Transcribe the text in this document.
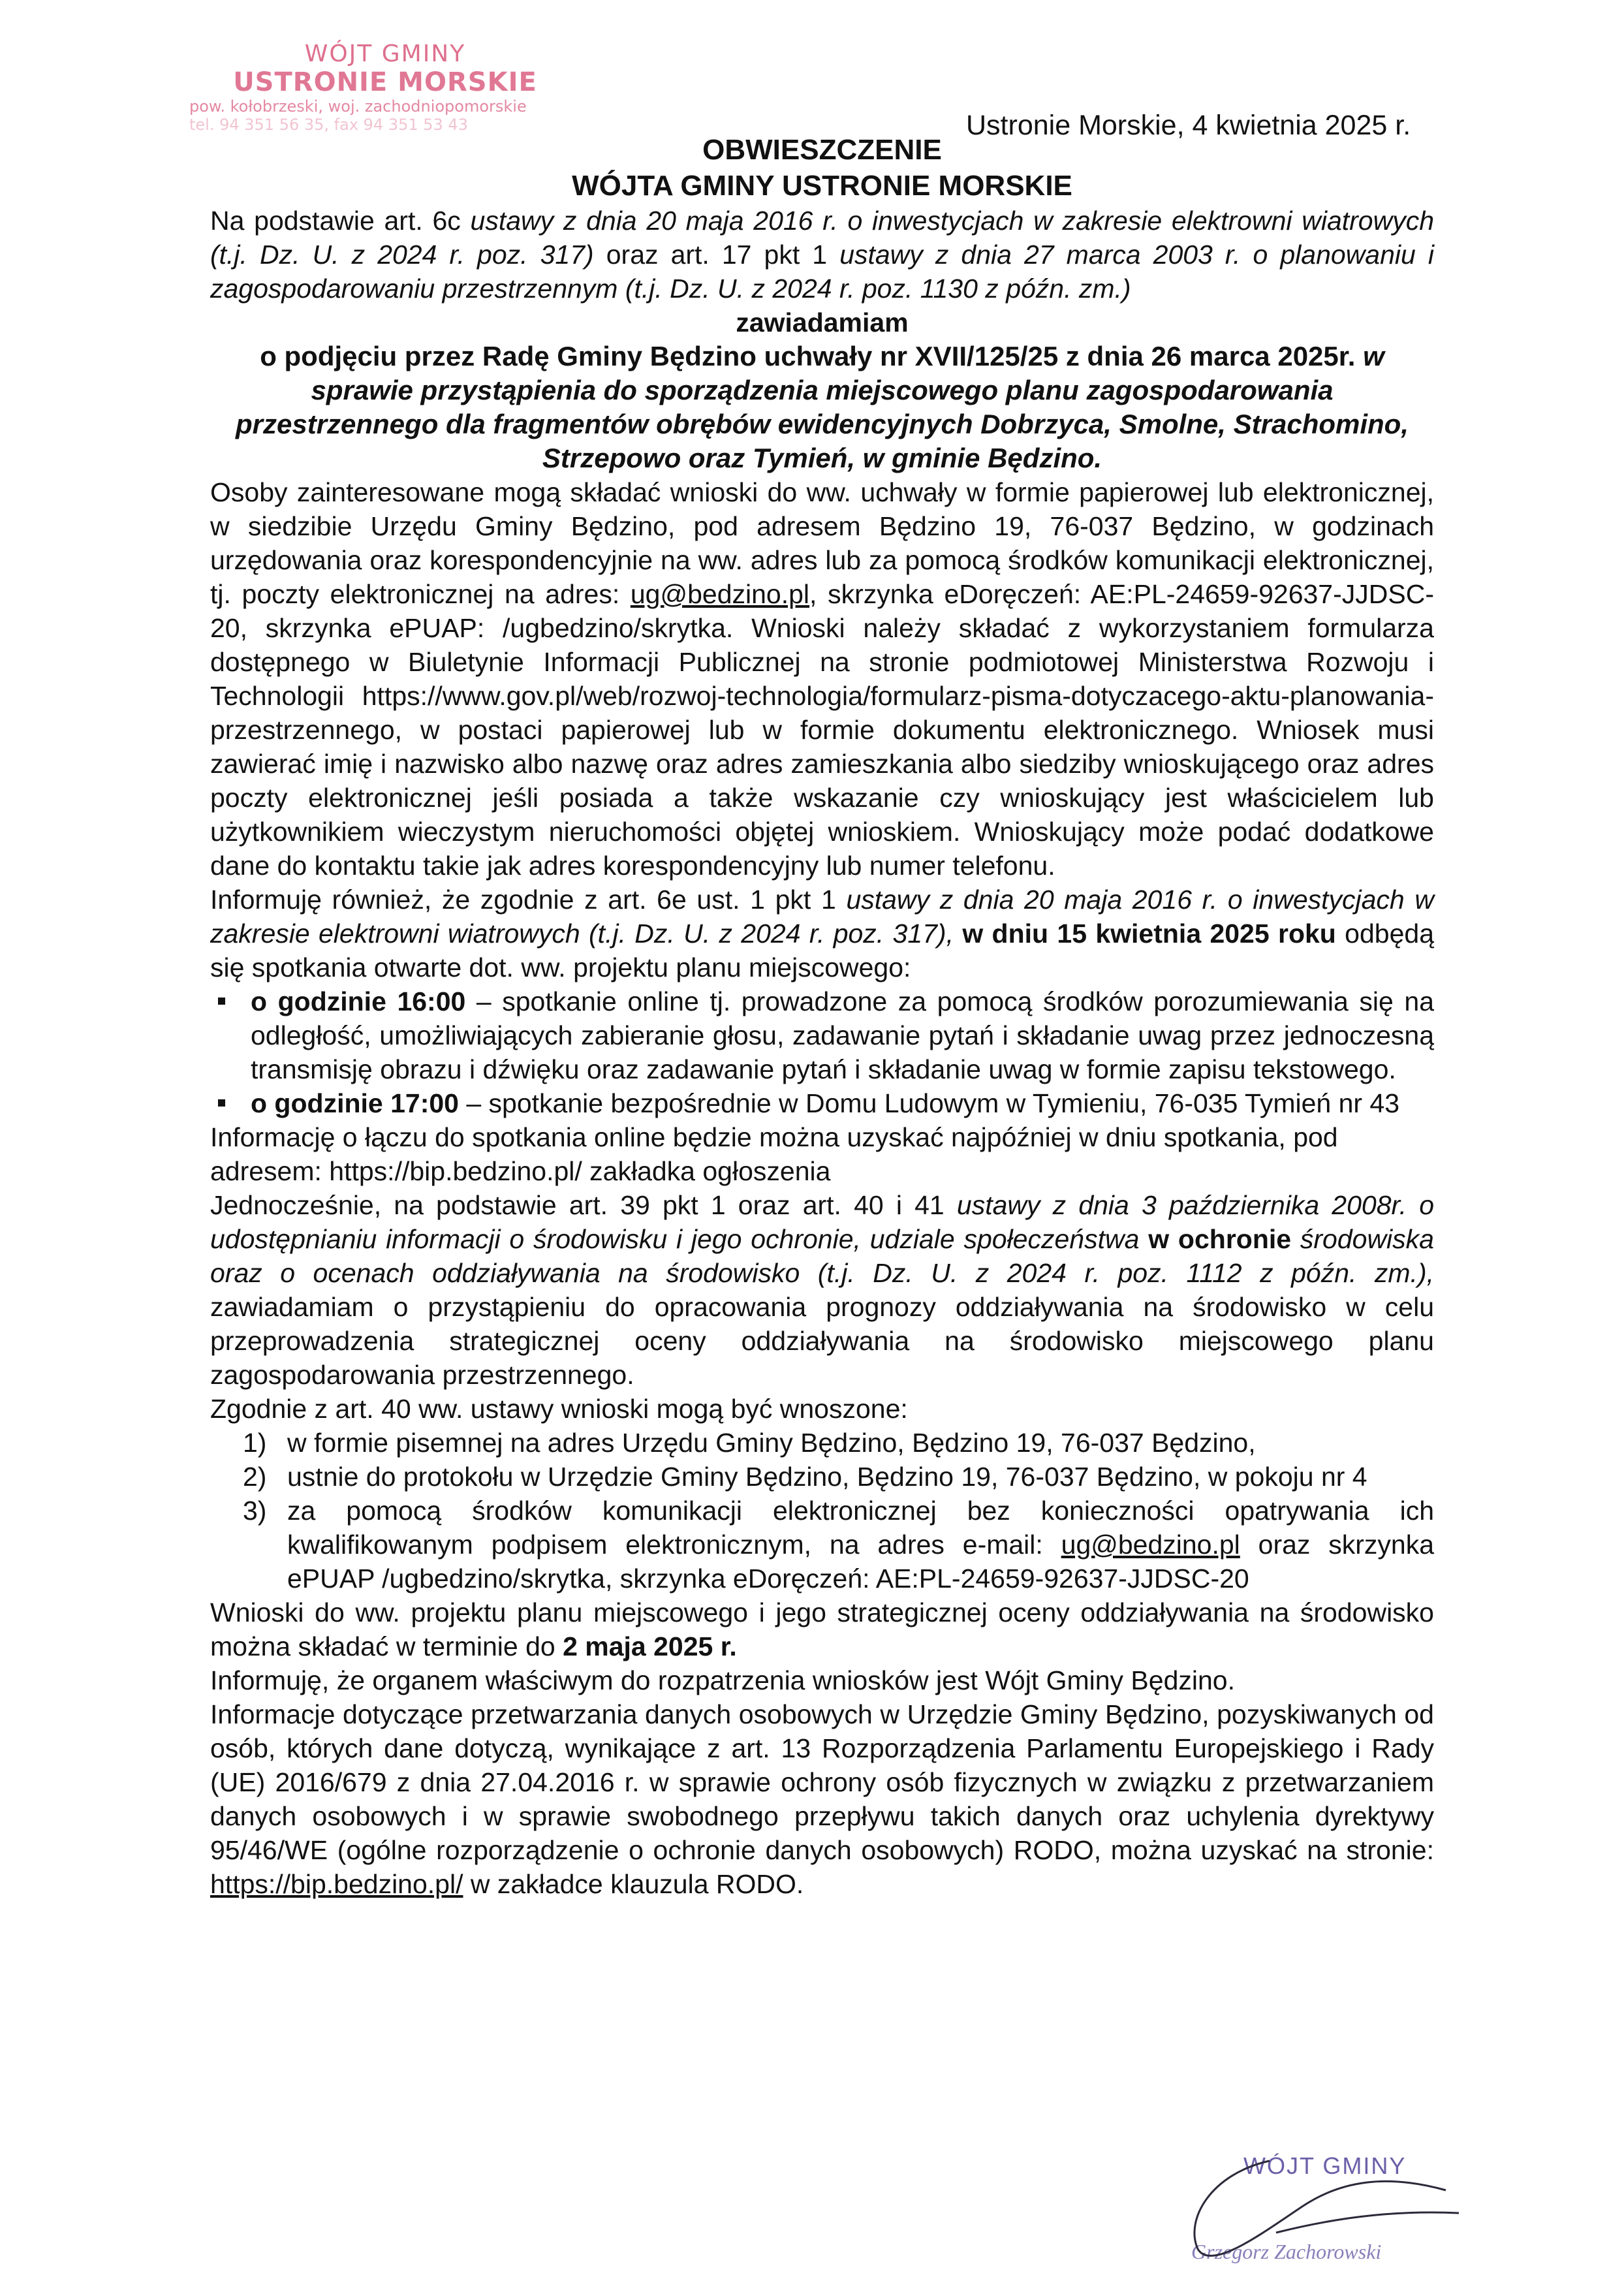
WÓJT GMINY
USTRONIE MORSKIE
pow. kołobrzeski, woj. zachodniopomorskie
tel. 94 351 56 35, fax 94 351 53 43	Ustronie Morskie, 4 kwietnia 2025 r.
OBWIESZCZENIE
WÓJTA GMINY USTRONIE MORSKIE

Na podstawie art. 6c ustawy z dnia 20 maja 2016 r. o inwestycjach w zakresie elektrowni wiatrowych (t.j. Dz. U. z 2024 r. poz. 317) oraz art. 17 pkt 1 ustawy z dnia 27 marca 2003 r. o planowaniu i zagospodarowaniu przestrzennym (t.j. Dz. U. z 2024 r. poz. 1130 z późn. zm.)

zawiadamiam

o podjęciu przez Radę Gminy Będzino uchwały nr XVII/125/25 z dnia 26 marca 2025r. w sprawie przystąpienia do sporządzenia miejscowego planu zagospodarowania przestrzennego dla fragmentów obrębów ewidencyjnych Dobrzyca, Smolne, Strachomino, Strzepowo oraz Tymień, w gminie Będzino.

Osoby zainteresowane mogą składać wnioski do ww. uchwały w formie papierowej lub elektronicznej, w siedzibie Urzędu Gminy Będzino, pod adresem Będzino 19, 76-037 Będzino, w godzinach urzędowania oraz korespondencyjnie na ww. adres lub za pomocą środków komunikacji elektronicznej, tj. poczty elektronicznej na adres: ug@bedzino.pl, skrzynka eDoręczeń: AE:PL-24659-92637-JJDSC-20, skrzynka ePUAP: /ugbedzino/skrytka. Wnioski należy składać z wykorzystaniem formularza dostępnego w Biuletynie Informacji Publicznej na stronie podmiotowej Ministerstwa Rozwoju i Technologii https://www.gov.pl/web/rozwoj-technologia/formularz-pisma-dotyczacego-aktu-planowania-przestrzennego, w postaci papierowej lub w formie dokumentu elektronicznego. Wniosek musi zawierać imię i nazwisko albo nazwę oraz adres zamieszkania albo siedziby wnioskującego oraz adres poczty elektronicznej jeśli posiada a także wskazanie czy wnioskujący jest właścicielem lub użytkownikiem wieczystym nieruchomości objętej wnioskiem. Wnioskujący może podać dodatkowe dane do kontaktu takie jak adres korespondencyjny lub numer telefonu.

Informuję również, że zgodnie z art. 6e ust. 1 pkt 1 ustawy z dnia 20 maja 2016 r. o inwestycjach w zakresie elektrowni wiatrowych (t.j. Dz. U. z 2024 r. poz. 317), w dniu 15 kwietnia 2025 roku odbędą się spotkania otwarte dot. ww. projektu planu miejscowego:

o godzinie 16:00 – spotkanie online tj. prowadzone za pomocą środków porozumiewania się na odległość, umożliwiających zabieranie głosu, zadawanie pytań i składanie uwag przez jednoczesną transmisję obrazu i dźwięku oraz zadawanie pytań i składanie uwag w formie zapisu tekstowego.
o godzinie 17:00 – spotkanie bezpośrednie w Domu Ludowym w Tymieniu, 76-035 Tymień nr 43

Informację o łączu do spotkania online będzie można uzyskać najpóźniej w dniu spotkania, pod adresem: https://bip.bedzino.pl/ zakładka ogłoszenia

Jednocześnie, na podstawie art. 39 pkt 1 oraz art. 40 i 41 ustawy z dnia 3 października 2008r. o udostępnianiu informacji o środowisku i jego ochronie, udziale społeczeństwa w ochronie środowiska oraz o ocenach oddziaływania na środowisko (t.j. Dz. U. z 2024 r. poz. 1112 z późn. zm.), zawiadamiam o przystąpieniu do opracowania prognozy oddziaływania na środowisko w celu przeprowadzenia strategicznej oceny oddziaływania na środowisko miejscowego planu zagospodarowania przestrzennego.

Zgodnie z art. 40 ww. ustawy wnioski mogą być wnoszone:

1) w formie pisemnej na adres Urzędu Gminy Będzino, Będzino 19, 76-037 Będzino,
2) ustnie do protokołu w Urzędzie Gminy Będzino, Będzino 19, 76-037 Będzino, w pokoju nr 4
3) za pomocą środków komunikacji elektronicznej bez konieczności opatrywania ich kwalifikowanym podpisem elektronicznym, na adres e-mail: ug@bedzino.pl oraz skrzynka ePUAP /ugbedzino/skrytka, skrzynka eDoręczeń: AE:PL-24659-92637-JJDSC-20

Wnioski do ww. projektu planu miejscowego i jego strategicznej oceny oddziaływania na środowisko można składać w terminie do 2 maja 2025 r.

Informuję, że organem właściwym do rozpatrzenia wniosków jest Wójt Gminy Będzino.

Informacje dotyczące przetwarzania danych osobowych w Urzędzie Gminy Będzino, pozyskiwanych od osób, których dane dotyczą, wynikające z art. 13 Rozporządzenia Parlamentu Europejskiego i Rady (UE) 2016/679 z dnia 27.04.2016 r. w sprawie ochrony osób fizycznych w związku z przetwarzaniem danych osobowych i w sprawie swobodnego przepływu takich danych oraz uchylenia dyrektywy 95/46/WE (ogólne rozporządzenie o ochronie danych osobowych) RODO, można uzyskać na stronie: https://bip.bedzino.pl/ w zakładce klauzula RODO.

WÓJT GMINY
Grzegorz Zachorowski
